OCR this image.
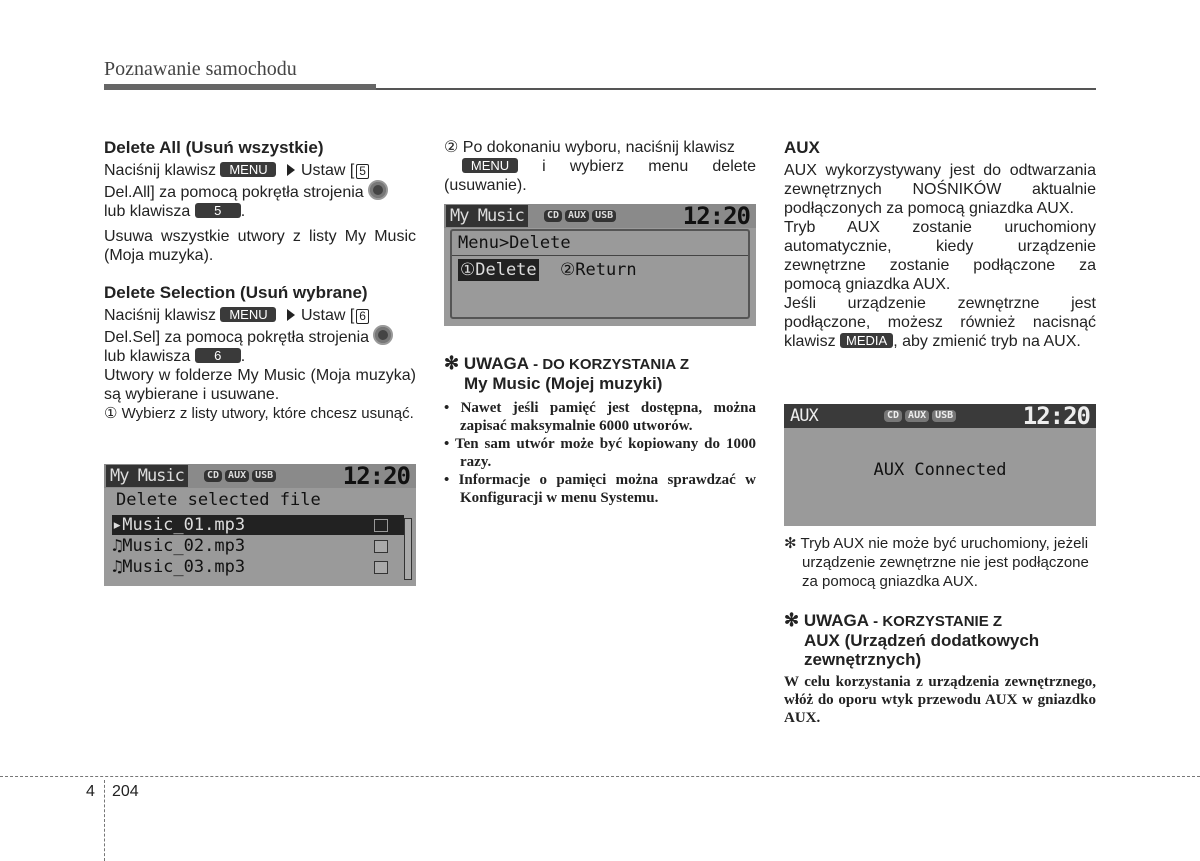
Poznawanie samochodu
Delete All (Usuń wszystkie)

Naciśnij klawisz MENU Ustaw [ 5
Del.All] za pomocą pokrętła strojenia
lub klawisza 5 .

Usuwa wszystkie utwory z listy My Music (Moja muzyka).

Delete Selection (Usuń wybrane)

Naciśnij klawisz MENU Ustaw [ 6
Del.Sel] za pomocą pokrętła strojenia
lub klawisza 6 .

Utwory w folderze My Music (Moja muzyka) są wybierane i usuwane.

① Wybierz z listy utwory, które chcesz usunąć.

My Music	CD AUX USB	12:20
Delete selected file
▸Music_01.mp3
♫Music_02.mp3
♫Music_03.mp3

② Po dokonaniu wyboru, naciśnij klawisz
MENU i wybierz menu delete (usuwanie).

My Music	CD AUX USB	12:20
Menu>Delete
①Delete ②Return

✻ UWAGA - DO KORZYSTANIA Z
My Music (Mojej muzyki)

• Nawet jeśli pamięć jest dostępna, można zapisać maksymalnie 6000 utworów.
• Ten sam utwór może być kopiowany do 1000 razy.
• Informacje o pamięci można sprawdzać w Konfiguracji w menu Systemu.
AUX

AUX wykorzystywany jest do odtwarzania zewnętrznych NOŚNIKÓW aktualnie podłączonych za pomocą gniazdka AUX.

Tryb AUX zostanie uruchomiony automatycznie, kiedy urządzenie zewnętrzne zostanie podłączone za pomocą gniazdka AUX.

Jeśli urządzenie zewnętrzne jest podłączone, możesz również nacisnąć klawisz MEDIA , aby zmienić tryb na AUX.

AUX	CD AUX USB	12:20
AUX Connected

✻ Tryb AUX nie może być uruchomiony, jeżeli urządzenie zewnętrzne nie jest podłączone za pomocą gniazdka AUX.

✻ UWAGA - KORZYSTANIE Z

AUX (Urządzeń dodatkowych zewnętrznych)

W celu korzystania z urządzenia zewnętrznego, włóż do oporu wtyk przewodu AUX w gniazdko AUX.

4 204
